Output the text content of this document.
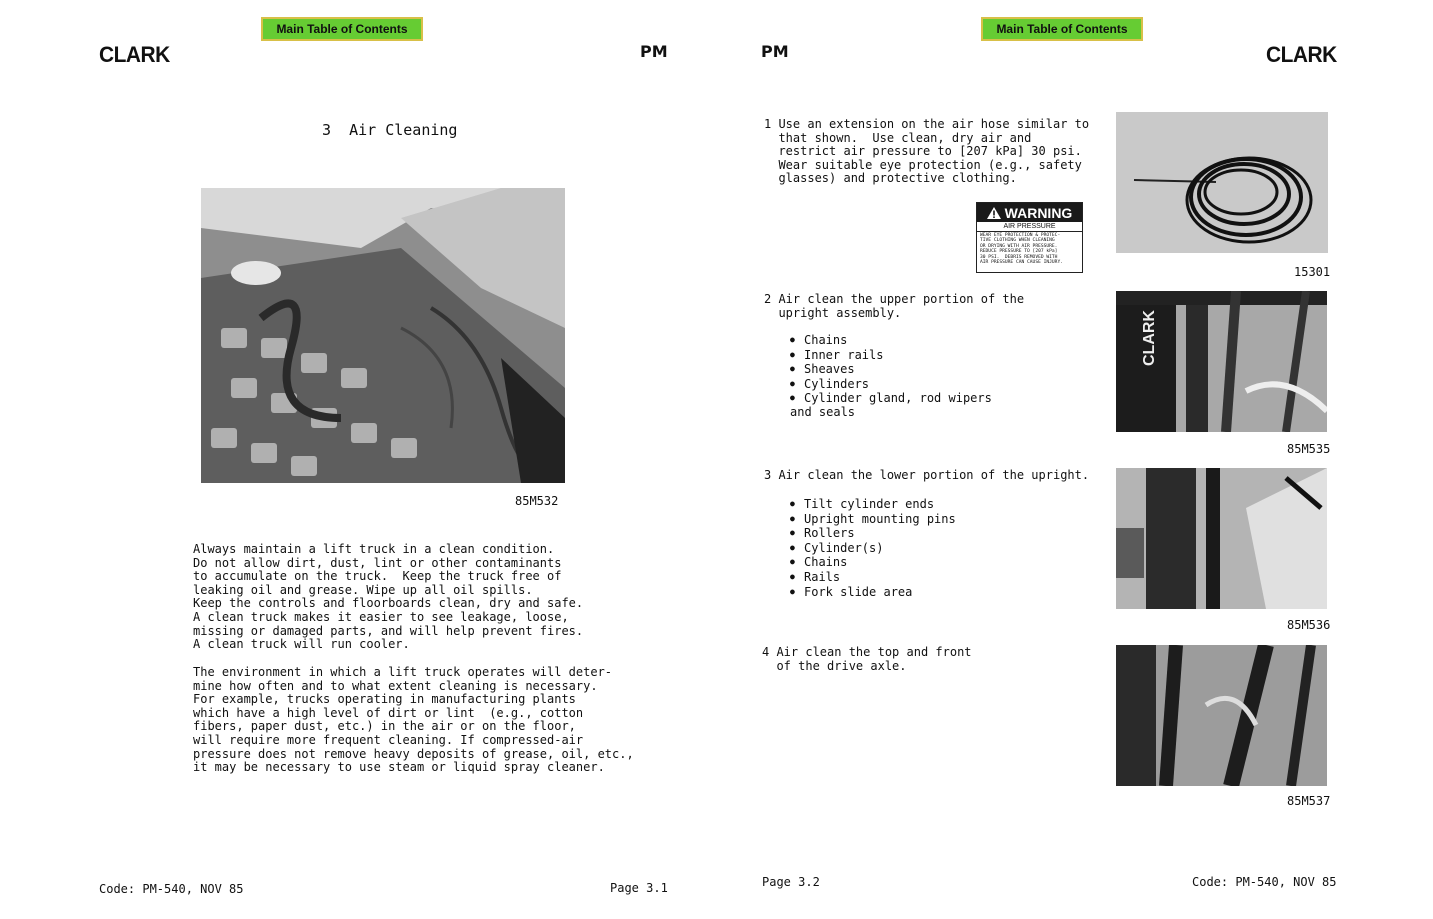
Main Table of Contents
CLARK	PM
3  Air Cleaning
85M532
Always maintain a lift truck in a clean condition.
Do not allow dirt, dust, lint or other contaminants
to accumulate on the truck.  Keep the truck free of
leaking oil and grease. Wipe up all oil spills.
Keep the controls and floorboards clean, dry and safe.
A clean truck makes it easier to see leakage, loose,
missing or damaged parts, and will help prevent fires.
A clean truck will run cooler.
The environment in which a lift truck operates will deter-
mine how often and to what extent cleaning is necessary.
For example, trucks operating in manufacturing plants
which have a high level of dirt or lint  (e.g., cotton
fibers, paper dust, etc.) in the air or on the floor,
will require more frequent cleaning. If compressed-air
pressure does not remove heavy deposits of grease, oil, etc.,
it may be necessary to use steam or liquid spray cleaner.
Code: PM-540, NOV 85	Page 3.1
Main Table of Contents
PM	CLARK
1 Use an extension on the air hose similar to
that shown.  Use clean, dry air and
restrict air pressure to [207 kPa] 30 psi.
Wear suitable eye protection (e.g., safety
glasses) and protective clothing.
WARNING
AIR PRESSURE
WEAR EYE PROTECTION & PROTEC-
TIVE CLOTHING WHEN CLEANING
OR DRYING WITH AIR PRESSURE.
REDUCE PRESSURE TO [207 kPa]
30 PSI.  DEBRIS REMOVED WITH
AIR PRESSURE CAN CAUSE INJURY.
15301
2 Air clean the upper portion of the
upright assembly.
● Chains
● Inner rails
● Sheaves
● Cylinders
● Cylinder gland, rod wipers
and seals
CLARK
85M535
3 Air clean the lower portion of the upright.
● Tilt cylinder ends
● Upright mounting pins
● Rollers
● Cylinder(s)
● Chains
● Rails
● Fork slide area
85M536
4 Air clean the top and front
of the drive axle.
85M537
Page 3.2	Code: PM-540, NOV 85
